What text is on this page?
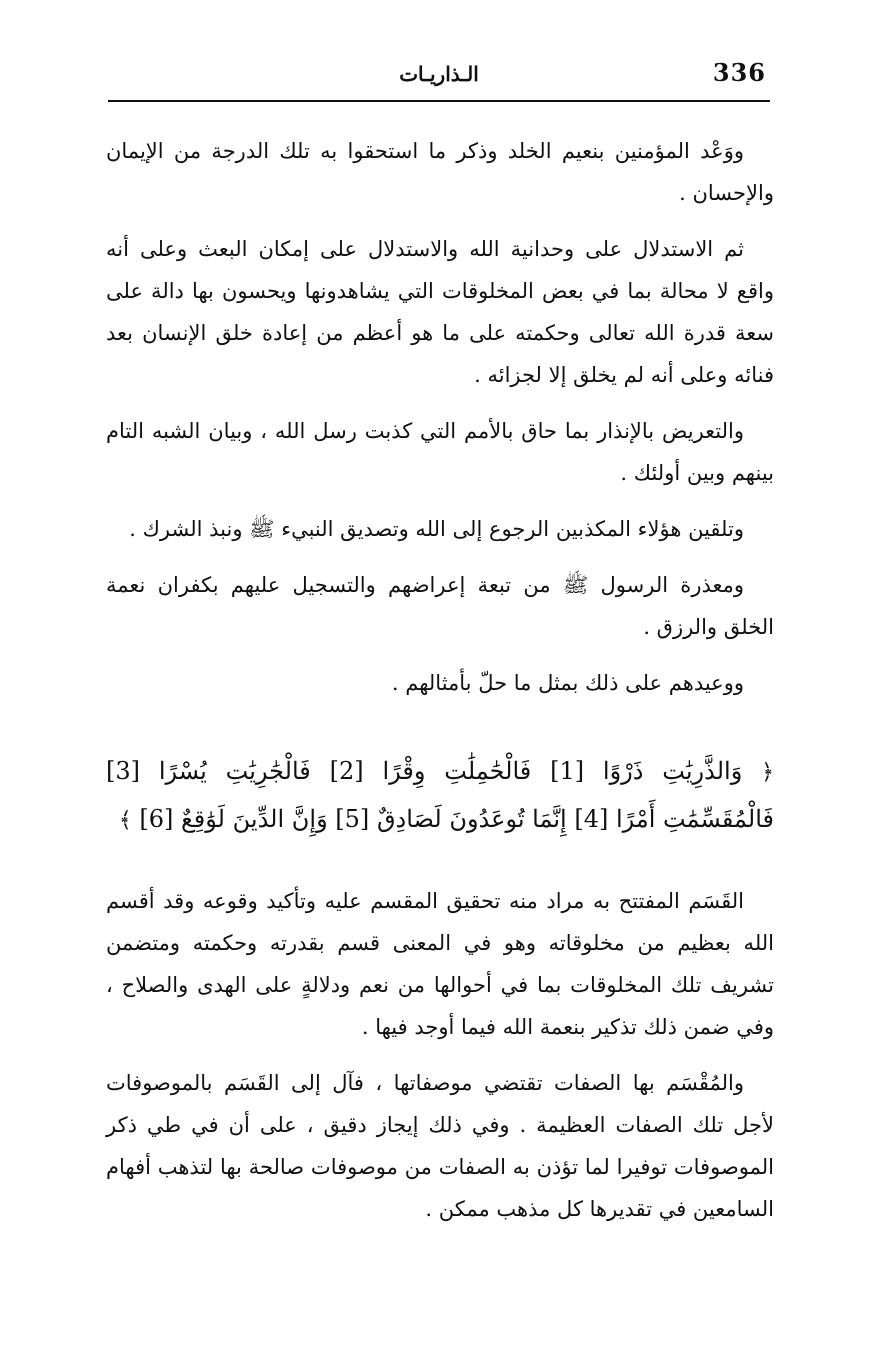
336
الـذاريـات

ووَعْد المؤمنين بنعيم الخلد وذكر ما استحقوا به تلك الدرجة من الإيمان والإحسان .

ثم الاستدلال على وحدانية الله والاستدلال على إمكان البعث وعلى أنه واقع لا محالة بما في بعض المخلوقات التي يشاهدونها ويحسون بها دالة على سعة قدرة الله تعالى وحكمته على ما هو أعظم من إعادة خلق الإنسان بعد فنائه وعلى أنه لم يخلق إلا لجزائه .

والتعريض بالإنذار بما حاق بالأمم التي كذبت رسل الله ، وبيان الشبه التام بينهم وبين أولئك .

وتلقين هؤلاء المكذبين الرجوع إلى الله وتصديق النبيء ﷺ ونبذ الشرك .

ومعذرة الرسول ﷺ من تبعة إعراضهم والتسجيل عليهم بكفران نعمة الخلق والرزق .

ووعيدهم على ذلك بمثل ما حلّ بأمثالهم .

﴿ وَالذَّرِيَٰتِ ذَرْوًا [1] فَالْحَٰمِلَٰتِ وِقْرًا [2] فَالْجَٰرِيَٰتِ يُسْرًا [3] فَالْمُقَسِّمَٰتِ أَمْرًا [4] إِنَّمَا تُوعَدُونَ لَصَادِقٌ [5] وَإِنَّ الدِّينَ لَوَٰقِعٌ [6] ﴾

القَسَم المفتتح به مراد منه تحقيق المقسم عليه وتأكيد وقوعه وقد أقسم الله بعظيم من مخلوقاته وهو في المعنى قسم بقدرته وحكمته ومتضمن تشريف تلك المخلوقات بما في أحوالها من نعم ودلالةٍ على الهدى والصلاح ، وفي ضمن ذلك تذكير بنعمة الله فيما أوجد فيها .

والمُقْسَم بها الصفات تقتضي موصفاتها ، فآل إلى القَسَم بالموصوفات لأجل تلك الصفات العظيمة . وفي ذلك إيجاز دقيق ، على أن في طي ذكر الموصوفات توفيرا لما تؤذن به الصفات من موصوفات صالحة بها لتذهب أفهام السامعين في تقديرها كل مذهب ممكن .
